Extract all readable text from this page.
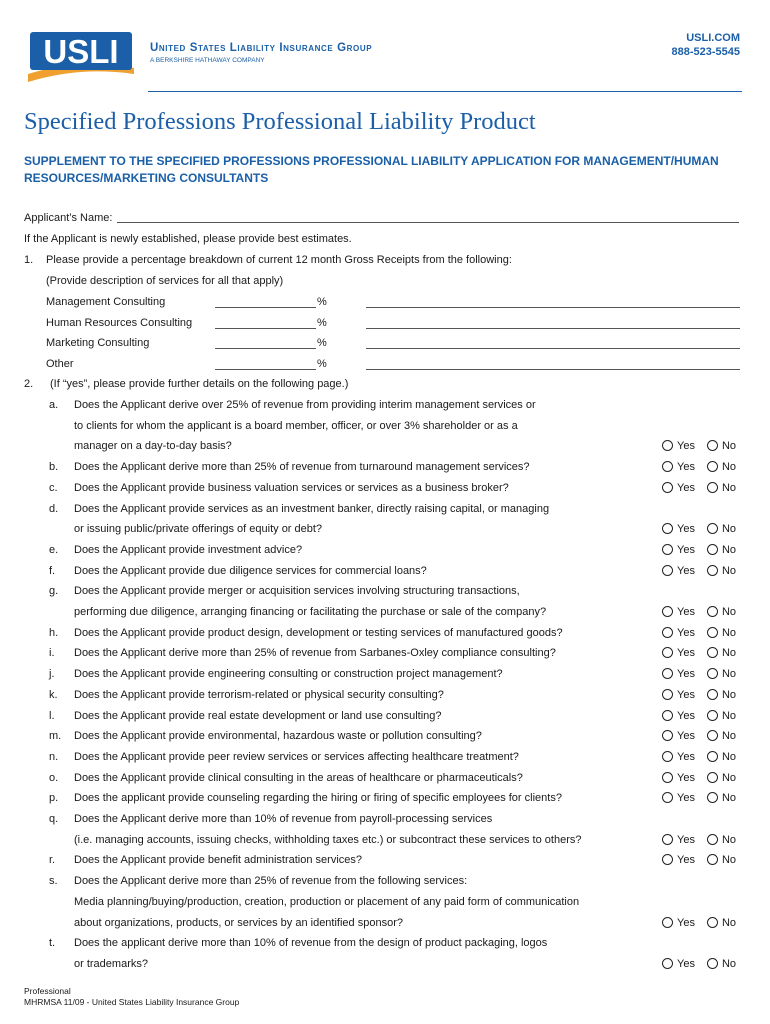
USLI	United States Liability Insurance Group
A BERKSHIRE HATHAWAY COMPANY
USLI.COM
888-523-5545
Specified Professions Professional Liability Product
SUPPLEMENT TO THE SPECIFIED PROFESSIONS PROFESSIONAL LIABILITY APPLICATION FOR MANAGEMENT/HUMAN RESOURCES/MARKETING CONSULTANTS
Applicant’s Name:
If the Applicant is newly established, please provide best estimates.
1. Please provide a percentage breakdown of current 12 month Gross Receipts from the following:
(Provide description of services for all that apply)
Management Consulting	%
Human Resources Consulting	%
Marketing Consulting	%
Other	%
2. (If “yes”, please provide further details on the following page.)
a. Does the Applicant derive over 25% of revenue from providing interim management services or
to clients for whom the applicant is a board member, officer, or over 3% shareholder or as a
manager on a day-to-day basis?	Yes No
b. Does the Applicant derive more than 25% of revenue from turnaround management services?	Yes No
c. Does the Applicant provide business valuation services or services as a business broker?	Yes No
d. Does the Applicant provide services as an investment banker, directly raising capital, or managing
or issuing public/private offerings of equity or debt?	Yes No
e. Does the Applicant provide investment advice?	Yes No
f. Does the Applicant provide due diligence services for commercial loans?	Yes No
g. Does the Applicant provide merger or acquisition services involving structuring transactions,
performing due diligence, arranging financing or facilitating the purchase or sale of the company?	Yes No
h. Does the Applicant provide product design, development or testing services of manufactured goods?	Yes No
i. Does the Applicant derive more than 25% of revenue from Sarbanes-Oxley compliance consulting?	Yes No
j. Does the Applicant provide engineering consulting or construction project management?	Yes No
k. Does the Applicant provide terrorism-related or physical security consulting?	Yes No
l. Does the Applicant provide real estate development or land use consulting?	Yes No
m. Does the Applicant provide environmental, hazardous waste or pollution consulting?	Yes No
n. Does the Applicant provide peer review services or services affecting healthcare treatment?	Yes No
o. Does the Applicant provide clinical consulting in the areas of healthcare or pharmaceuticals?	Yes No
p. Does the applicant provide counseling regarding the hiring or firing of specific employees for clients?	Yes No
q. Does the Applicant derive more than 10% of revenue from payroll-processing services
(i.e. managing accounts, issuing checks, withholding taxes etc.) or subcontract these services to others?	Yes No
r. Does the Applicant provide benefit administration services?	Yes No
s. Does the Applicant derive more than 25% of revenue from the following services:
Media planning/buying/production, creation, production or placement of any paid form of communication
about organizations, products, or services by an identified sponsor?	Yes No
t. Does the applicant derive more than 10% of revenue from the design of product packaging, logos
or trademarks?	Yes No
Professional
MHRMSA 11/09 - United States Liability Insurance Group
